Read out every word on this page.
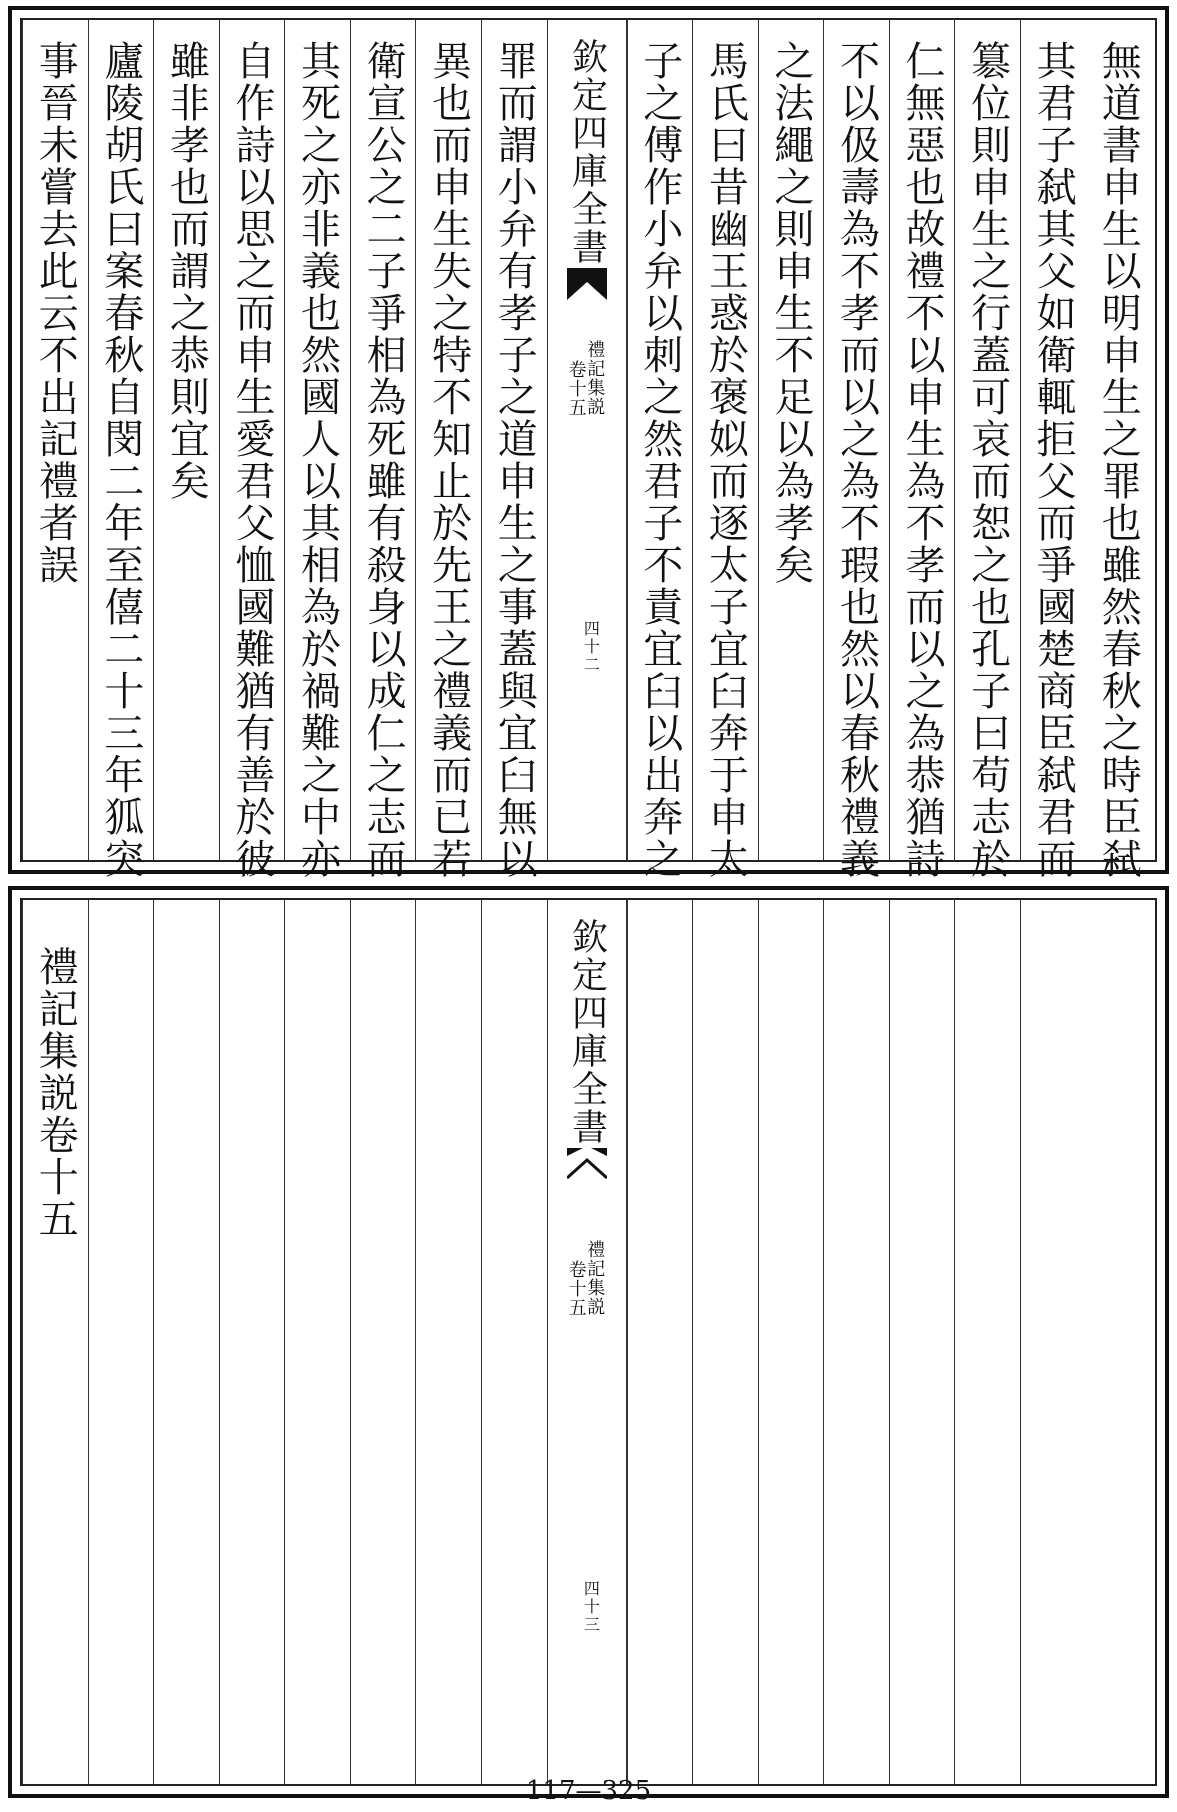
無道書申生以明申生之罪也雖然春秋之時臣弑
其君子弑其父如衛輒拒父而爭國楚商臣弑君而
簒位則申生之行蓋可哀而恕之也孔子曰苟志於
仁無惡也故禮不以申生為不孝而以之為恭猶詩
不以伋壽為不孝而以之為不瑕也然以春秋禮義
之法繩之則申生不足以為孝矣
馬氏曰昔幽王惑於褒姒而逐太子宜臼奔于申太
子之傅作小弁以刺之然君子不責宜臼以出奔之
欽定四庫全書
禮記集説
卷十五
四十二
罪而謂小弁有孝子之道申生之事蓋與宜臼無以
異也而申生失之特不知止於先王之禮義而已若
衛宣公之二子爭相為死雖有殺身以成仁之志而
其死之亦非義也然國人以其相為於禍難之中亦
自作詩以思之而申生愛君父恤國難猶有善於彼
雖非孝也而謂之恭則宜矣
廬陵胡氏曰案春秋自閔二年至僖二十三年狐突
事晉未嘗去此云不出記禮者誤
欽定四庫全書
禮記集説
卷十五
四十三
禮記集説卷十五
117—325
